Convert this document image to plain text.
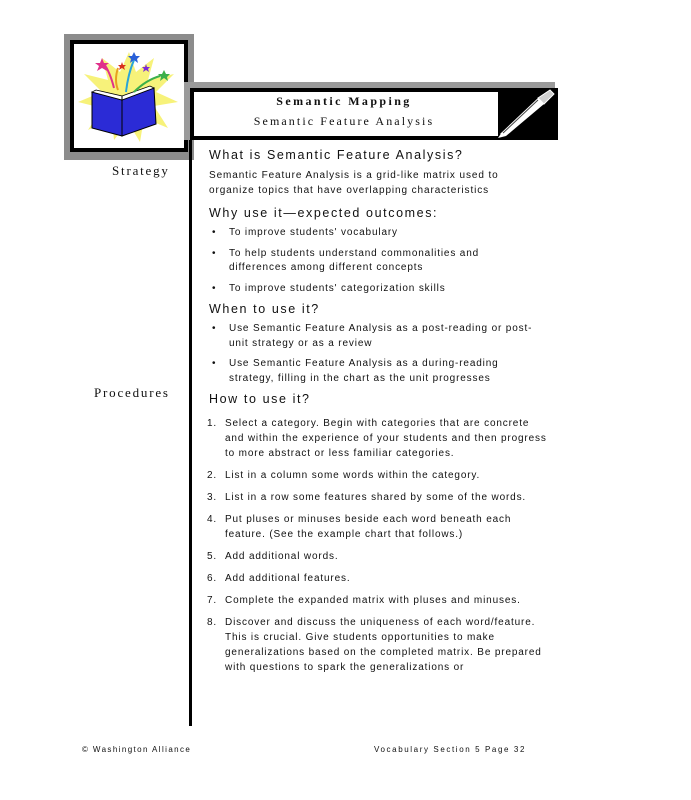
Semantic Mapping
Semantic Feature Analysis
Strategy
Procedures
What is Semantic Feature Analysis?
Semantic Feature Analysis is a grid-like matrix used to organize topics that have overlapping characteristics
Why use it—expected outcomes:
• To improve students' vocabulary
• To help students understand commonalities and differences among different concepts
• To improve students' categorization skills
When to use it?
• Use Semantic Feature Analysis as a post-reading or post-unit strategy or as a review
• Use Semantic Feature Analysis as a during-reading strategy, filling in the chart as the unit progresses
How to use it?
1. Select a category. Begin with categories that are concrete and within the experience of your students and then progress to more abstract or less familiar categories.
2. List in a column some words within the category.
3. List in a row some features shared by some of the words.
4. Put pluses or minuses beside each word beneath each feature. (See the example chart that follows.)
5. Add additional words.
6. Add additional features.
7. Complete the expanded matrix with pluses and minuses.
8. Discover and discuss the uniqueness of each word/feature. This is crucial. Give students opportunities to make generalizations based on the completed matrix. Be prepared with questions to spark the generalizations or
© Washington Alliance	Vocabulary Section 5 Page 32
